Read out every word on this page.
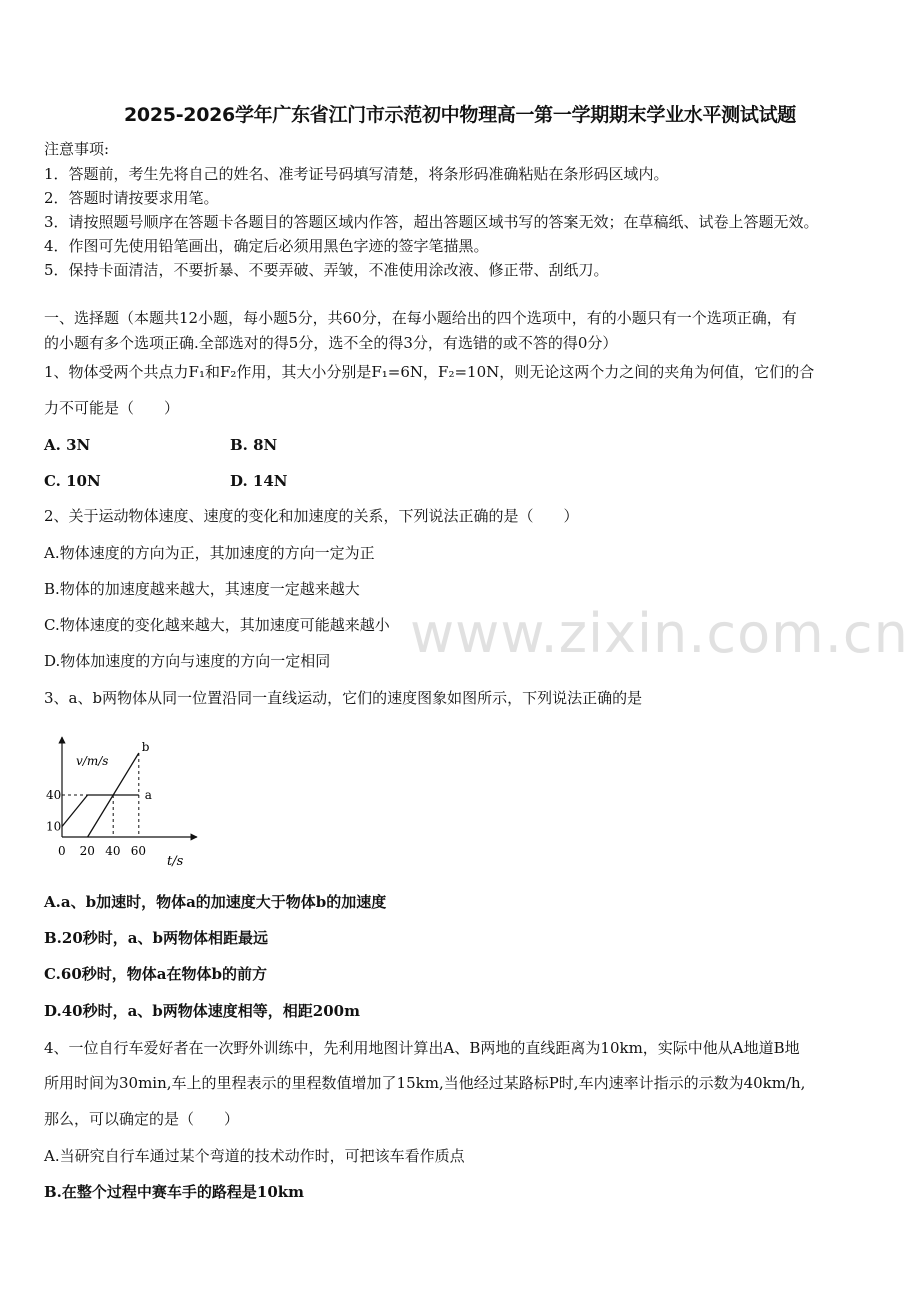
2025-2026学年广东省江门市示范初中物理高一第一学期期末学业水平测试试题
注意事项:
1．答题前，考生先将自己的姓名、准考证号码填写清楚，将条形码准确粘贴在条形码区域内。
2．答题时请按要求用笔。
3．请按照题号顺序在答题卡各题目的答题区域内作答，超出答题区域书写的答案无效；在草稿纸、试卷上答题无效。
4．作图可先使用铅笔画出，确定后必须用黑色字迹的签字笔描黑。
5．保持卡面清洁，不要折暴、不要弄破、弄皱，不准使用涂改液、修正带、刮纸刀。
一、选择题（本题共12小题，每小题5分，共60分，在每小题给出的四个选项中，有的小题只有一个选项正确，有
的小题有多个选项正确.全部选对的得5分，选不全的得3分，有选错的或不答的得0分）
1、物体受两个共点力F₁和F₂作用，其大小分别是F₁=6N，F₂=10N，则无论这两个力之间的夹角为何值，它们的合
力不可能是（　　）
A. 3N	B. 8N
C. 10N	D. 14N
2、关于运动物体速度、速度的变化和加速度的关系，下列说法正确的是（　　）
A.物体速度的方向为正，其加速度的方向一定为正
B.物体的加速度越来越大，其速度一定越来越大
C.物体速度的变化越来越大，其加速度可能越来越小
D.物体加速度的方向与速度的方向一定相同
3、a、b两物体从同一位置沿同一直线运动，它们的速度图象如图所示，下列说法正确的是
t/s
v/m/s
0 20 40 60
10
40	a
b
A.a、b加速时，物体a的加速度大于物体b的加速度
B.20秒时，a、b两物体相距最远
C.60秒时，物体a在物体b的前方
D.40秒时，a、b两物体速度相等，相距200m
4、一位自行车爱好者在一次野外训练中，先利用地图计算出A、B两地的直线距离为10km，实际中他从A地道B地
所用时间为30min,车上的里程表示的里程数值增加了15km,当他经过某路标P时,车内速率计指示的示数为40km/h,
那么，可以确定的是（　　）
A.当研究自行车通过某个弯道的技术动作时，可把该车看作质点
B.在整个过程中赛车手的路程是10km
www.zixin.com.cn
